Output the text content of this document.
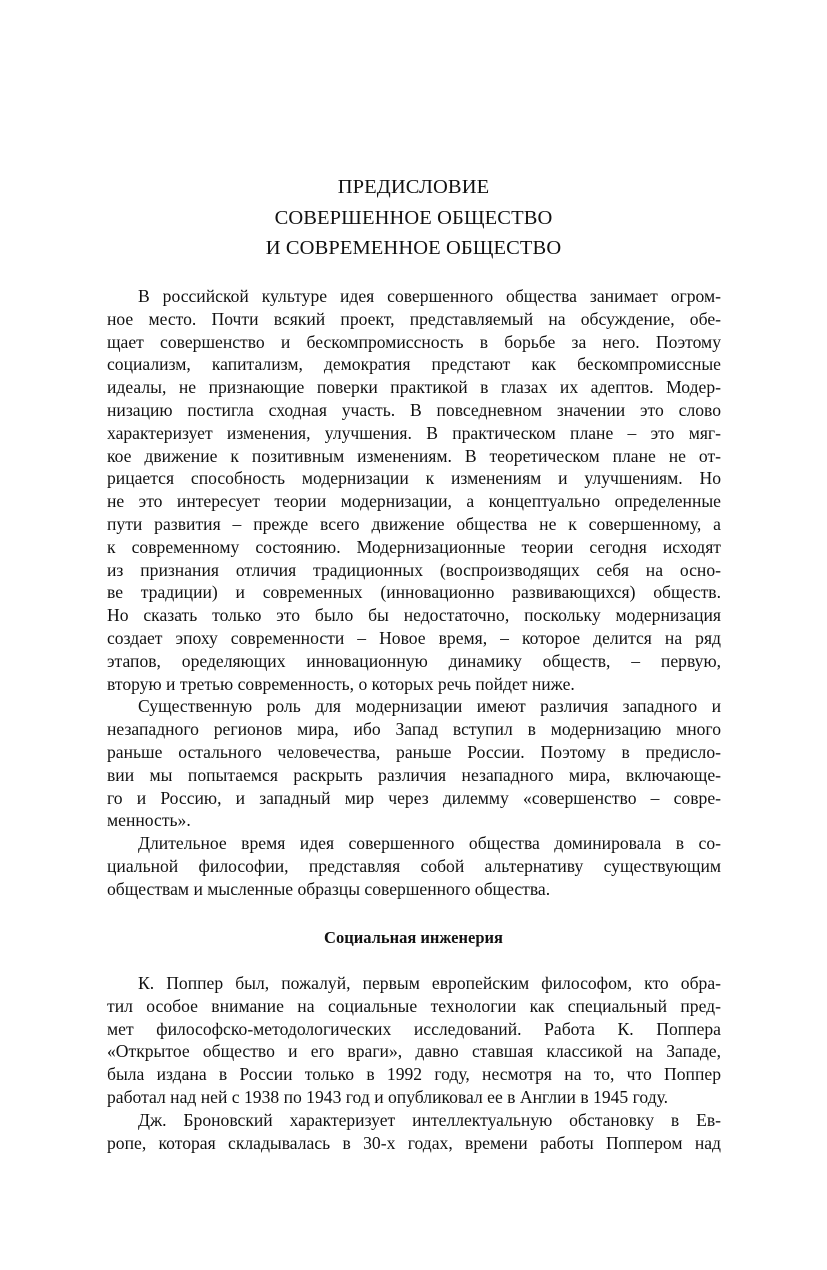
ПРЕДИСЛОВИЕ
СОВЕРШЕННОЕ ОБЩЕСТВО
И СОВРЕМЕННОЕ ОБЩЕСТВО
В российской культуре идея совершенного общества занимает огром-
ное место. Почти всякий проект, представляемый на обсуждение, обе-
щает совершенство и бескомпромиссность в борьбе за него. Поэтому
социализм, капитализм, демократия предстают как бескомпромиссные
идеалы, не признающие поверки практикой в глазах их адептов. Модер-
низацию постигла сходная участь. В повседневном значении это слово
характеризует изменения, улучшения. В практическом плане – это мяг-
кое движение к позитивным изменениям. В теоретическом плане не от-
рицается способность модернизации к изменениям и улучшениям. Но
не это интересует теории модернизации, а концептуально определенные
пути развития – прежде всего движение общества не к совершенному, а
к современному состоянию. Модернизационные теории сегодня исходят
из признания отличия традиционных (воспроизводящих себя на осно-
ве традиции) и современных (инновационно развивающихся) обществ.
Но сказать только это было бы недостаточно, поскольку модернизация
создает эпоху современности – Новое время, – которое делится на ряд
этапов, оределяющих инновационную динамику обществ, – первую,
вторую и третью современность, о которых речь пойдет ниже.
Существенную роль для модернизации имеют различия западного и
незападного регионов мира, ибо Запад вступил в модернизацию много
раньше остального человечества, раньше России. Поэтому в предислo-
вии мы попытаемся раскрыть различия незападного мира, включающе-
го и Россию, и западный мир через дилемму «совершенство – совре-
менность».
Длительное время идея совершенного общества доминировала в со-
циальной философии, представляя собой альтернативу существующим
обществам и мысленные образцы совершенного общества.
Социальная инженерия
К. Поппер был, пожалуй, первым европейским философом, кто обра-
тил особое внимание на социальные технологии как специальный пред-
мет философско-методологических исследований. Работа К. Поппера
«Открытое общество и его враги», давно ставшая классикой на Западе,
была издана в России только в 1992 году, несмотря на то, что Поппер
работал над ней с 1938 по 1943 год и опубликовал ее в Англии в 1945 году.
Дж. Броновский характеризует интеллектуальную обстановку в Ев-
ропе, которая складывалась в 30-х годах, времени работы Поппером над
